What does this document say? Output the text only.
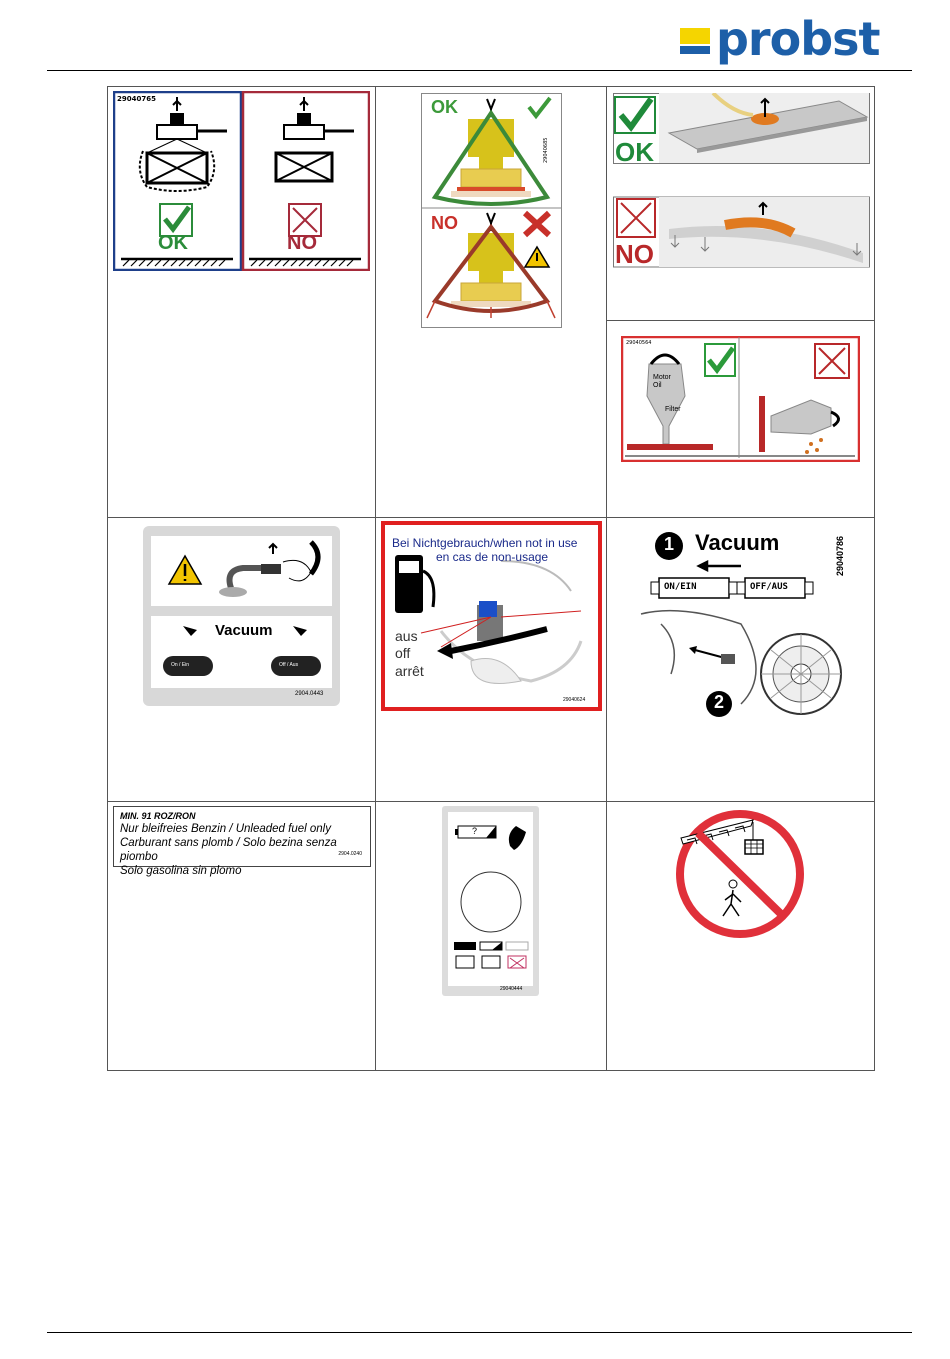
probst
29040765
OK	NO
OK
NO
29040685	OK
NO
29040564
Motor Oil
Filter
Vacuum
On / Ein	Off / Aus
2904.0443
Bei Nichtgebrauch/when not in use
en cas de non-usage
aus
off
arrêt
29040624
1 Vacuum
ON/EIN	OFF/AUS
2
29040786
MIN. 91 ROZ/RON
Nur bleifreies Benzin / Unleaded fuel only
Carburant sans plomb / Solo bezina senza piombo
Solo gasolina sin plomo
2904.0240
?
29040444
